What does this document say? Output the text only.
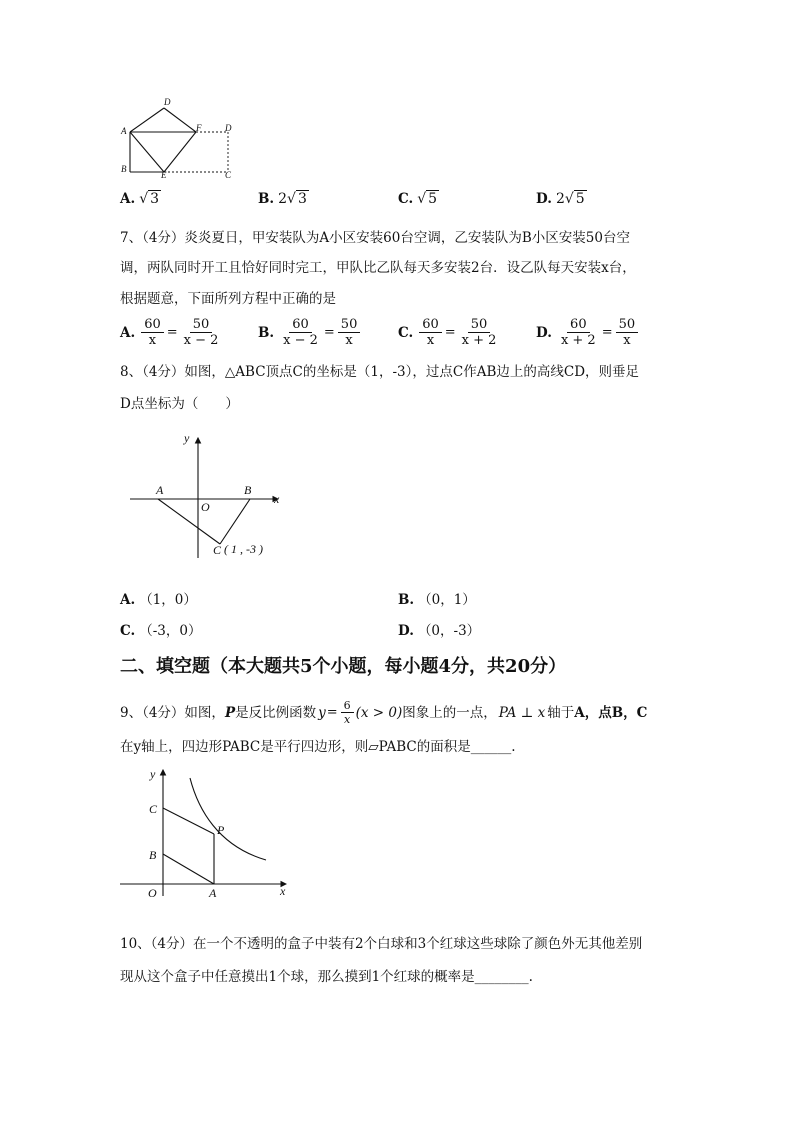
A
B
D
F	D
E	C
A. √ 3	B. 2 √ 3	C. √ 5	D. 2 √ 5
7、（4分）炎炎夏日，甲安装队为A小区安装60台空调，乙安装队为B小区安装50台空
调，两队同时开工且恰好同时完工，甲队比乙队每天多安装2台．设乙队每天安装x台，
根据题意，下面所列方程中正确的是
A. $\frac{60}{x} = \frac{50}{x - 2}$	B. $\frac{60}{x - 2} = \frac{50}{x}$	C. $\frac{60}{x} = \frac{50}{x + 2}$	D. $\frac{60}{x + 2} = \frac{50}{x}$
8、（4分）如图，△ABC顶点C的坐标是（1，-3），过点C作AB边上的高线CD，则垂足
D点坐标为（　　）
y
x
A	B
O
C ( 1 , -3 )
A. （1，0）	B. （0，1）
C. （-3，0）	D. （0，-3）
二、填空题（本大题共5个小题，每小题4分，共20分）
9、（4分）如图， P 是反比例函数 $y = \frac{6}{x} (x > 0)$ 图象上的一点， PA ⊥ x 轴于 A，点B，C
在y轴上，四边形PABC是平行四边形，则▱PABC的面积是______.
y
x
C
P
B
O	A
10、（4分）在一个不透明的盒子中装有2个白球和3个红球这些球除了颜色外无其他差别
现从这个盒子中任意摸出1个球，那么摸到1个红球的概率是________.
